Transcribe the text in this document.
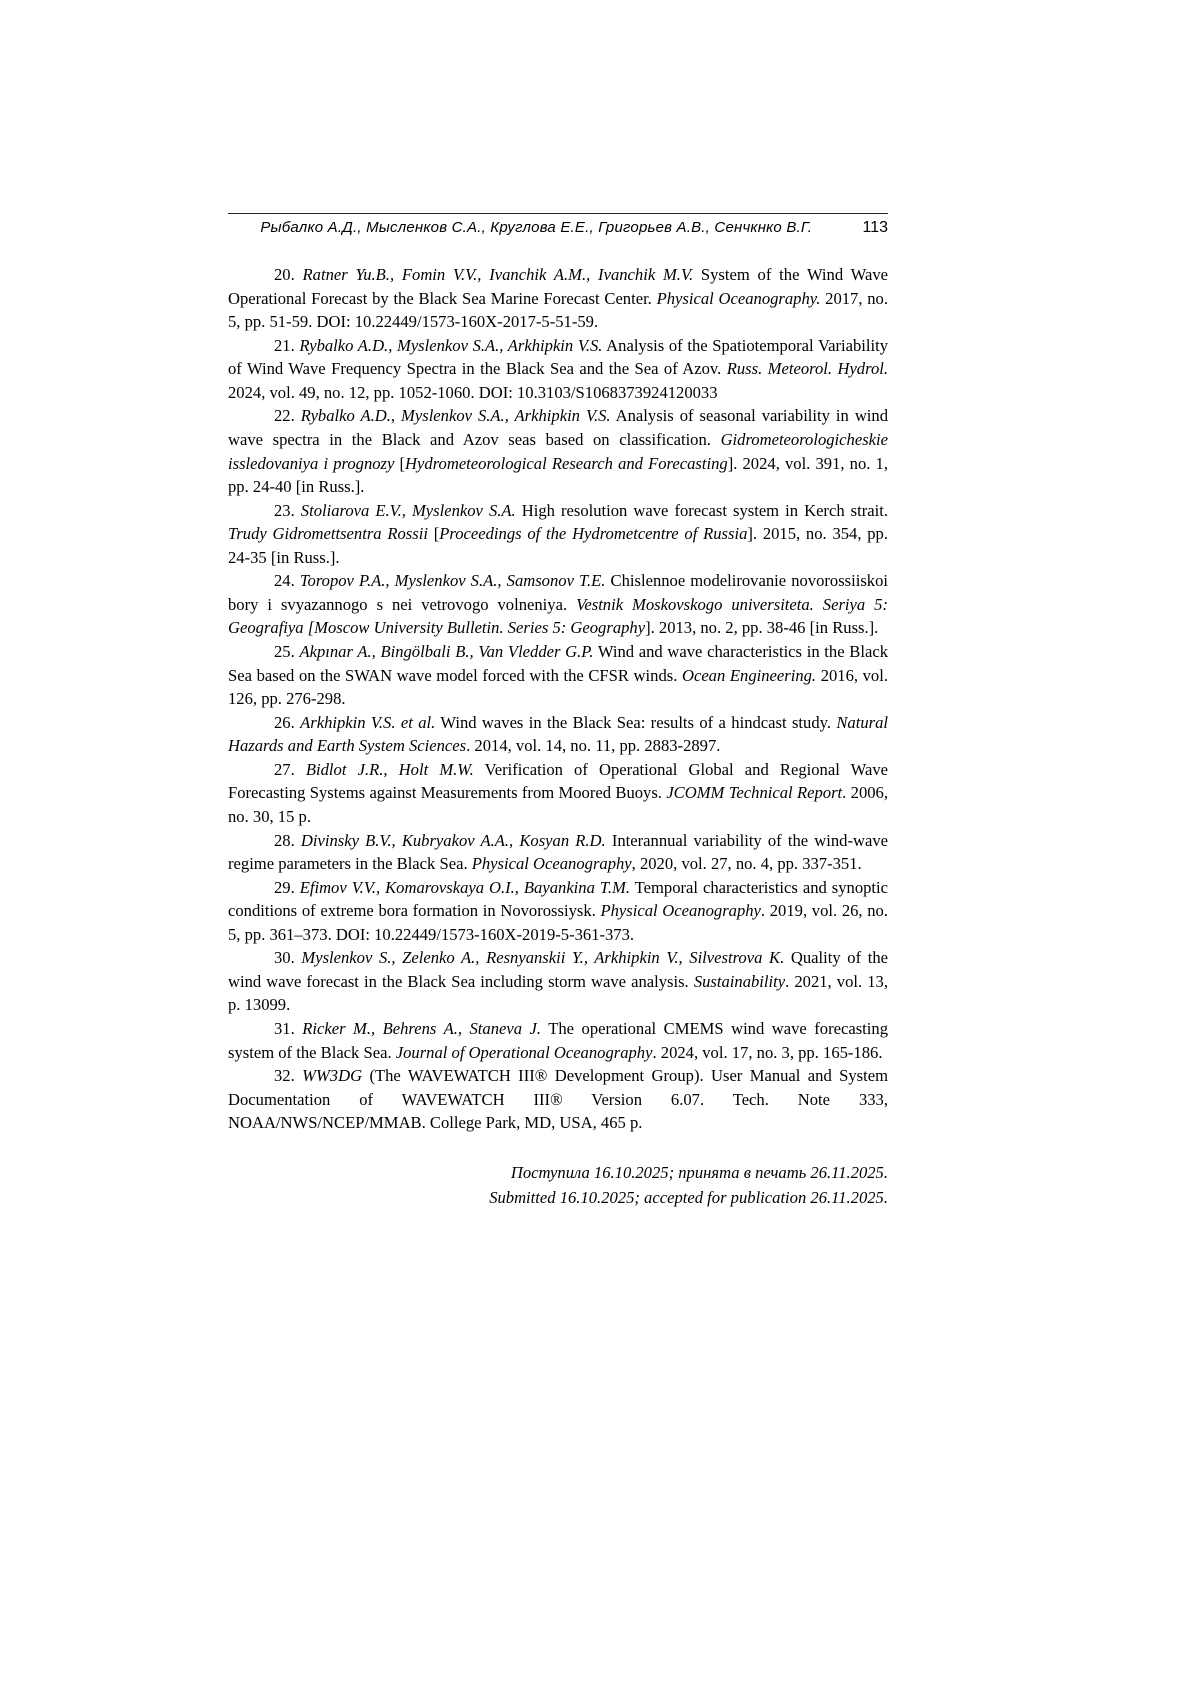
Рыбалко А.Д., Мысленков С.А., Круглова Е.Е., Григорьев А.В., Сенчкнко В.Г.	113

20. Ratner Yu.B., Fomin V.V., Ivanchik A.M., Ivanchik M.V. System of the Wind Wave Operational Forecast by the Black Sea Marine Forecast Center. Physical Oceanography. 2017, no. 5, pp. 51-59. DOI: 10.22449/1573-160X-2017-5-51-59.

21. Rybalko A.D., Myslenkov S.A., Arkhipkin V.S. Analysis of the Spatiotemporal Variability of Wind Wave Frequency Spectra in the Black Sea and the Sea of Azov. Russ. Meteorol. Hydrol. 2024, vol. 49, no. 12, pp. 1052-1060. DOI: 10.3103/S1068373924120033

22. Rybalko A.D., Myslenkov S.A., Arkhipkin V.S. Analysis of seasonal variability in wind wave spectra in the Black and Azov seas based on classification. Gidrometeorologicheskie issledovaniya i prognozy [Hydrometeorological Research and Forecasting]. 2024, vol. 391, no. 1, pp. 24-40 [in Russ.].

23. Stoliarova E.V., Myslenkov S.A. High resolution wave forecast system in Kerch strait. Trudy Gidromettsentra Rossii [Proceedings of the Hydrometcentre of Russia]. 2015, no. 354, pp. 24-35 [in Russ.].

24. Toropov P.A., Myslenkov S.A., Samsonov T.E. Chislennoe modelirovanie novorossiiskoi bory i svyazannogo s nei vetrovogo volneniya. Vestnik Moskovskogo universiteta. Seriya 5: Geografiya [Moscow University Bulletin. Series 5: Geography]. 2013, no. 2, pp. 38-46 [in Russ.].

25. Akpınar A., Bingölbali B., Van Vledder G.P. Wind and wave characteristics in the Black Sea based on the SWAN wave model forced with the CFSR winds. Ocean Engineering. 2016, vol. 126, pp. 276-298.

26. Arkhipkin V.S. et al. Wind waves in the Black Sea: results of a hindcast study. Natural Hazards and Earth System Sciences. 2014, vol. 14, no. 11, pp. 2883-2897.

27. Bidlot J.R., Holt M.W. Verification of Operational Global and Regional Wave Forecasting Systems against Measurements from Moored Buoys. JCOMM Technical Report. 2006, no. 30, 15 p.

28. Divinsky B.V., Kubryakov A.A., Kosyan R.D. Interannual variability of the wind-wave regime parameters in the Black Sea. Physical Oceanography, 2020, vol. 27, no. 4, pp. 337-351.

29. Efimov V.V., Komarovskaya O.I., Bayankina T.M. Temporal characteristics and synoptic conditions of extreme bora formation in Novorossiysk. Physical Oceanography. 2019, vol. 26, no. 5, pp. 361–373. DOI: 10.22449/1573-160X-2019-5-361-373.

30. Myslenkov S., Zelenko A., Resnyanskii Y., Arkhipkin V., Silvestrova K. Quality of the wind wave forecast in the Black Sea including storm wave analysis. Sustainability. 2021, vol. 13, p. 13099.

31. Ricker M., Behrens A., Staneva J. The operational CMEMS wind wave forecasting system of the Black Sea. Journal of Operational Oceanography. 2024, vol. 17, no. 3, pp. 165-186.

32. WW3DG (The WAVEWATCH III® Development Group). User Manual and System Documentation of WAVEWATCH III® Version 6.07. Tech. Note 333, NOAA/NWS/NCEP/MMAB. College Park, MD, USA, 465 p.

Поступила 16.10.2025; принята в печать 26.11.2025.
Submitted 16.10.2025; accepted for publication 26.11.2025.
